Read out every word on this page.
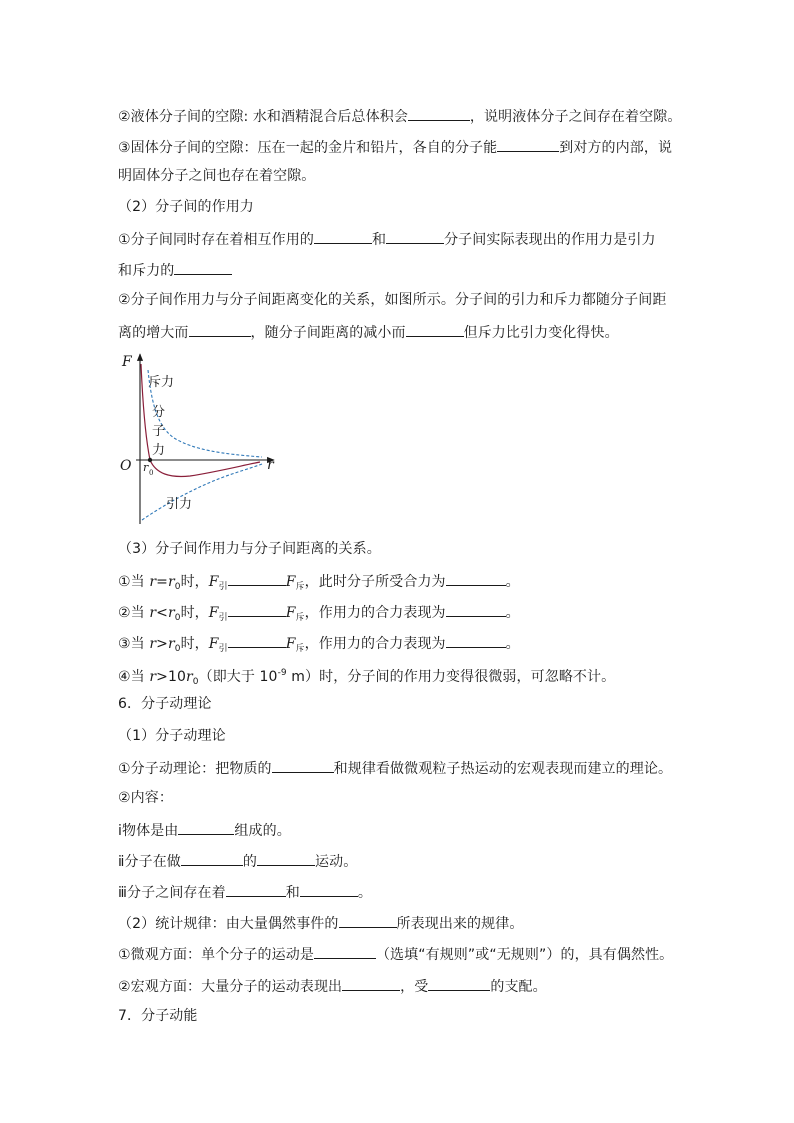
②液体分子间的空隙: 水和酒精混合后总体积会	，说明液体分子之间存在着空隙。
③固体分子间的空隙：压在一起的金片和铅片，各自的分子能	到对方的内部，说
明固体分子之间也存在着空隙。
（2）分子间的作用力
①分子间同时存在着相互作用的	和	分子间实际表现出的作用力是引力
和斥力的
②分子间作用力与分子间距离变化的关系，如图所示。分子间的引力和斥力都随分子间距
离的增大而	，随分子间距离的减小而	但斥力比引力变化得快。
F
r
O r 0
斥力
分
子
力
引力
（3）分子间作用力与分子间距离的关系。
①当 $r=r_0$时，$F_引$	$F_斥$，此时分子所受合力为	。
②当 $r<r_0$时，$F_引$	$F_斥$，作用力的合力表现为	。
③当 $r>r_0$时，$F_引$	$F_斥$，作用力的合力表现为	。
④当 $r>10r_0$（即大于 $10^{-9}$ m）时，分子间的作用力变得很微弱，可忽略不计。
6．分子动理论
（1）分子动理论
①分子动理论：把物质的	和规律看做微观粒子热运动的宏观表现而建立的理论。
②内容：
ⅰ物体是由	组成的。
ⅱ分子在做	的	运动。
ⅲ分子之间存在着	和	。
（2）统计规律：由大量偶然事件的	所表现出来的规律。
①微观方面：单个分子的运动是	（选填“有规则”或“无规则”）的，具有偶然性。
②宏观方面：大量分子的运动表现出	，受	的支配。
7．分子动能
